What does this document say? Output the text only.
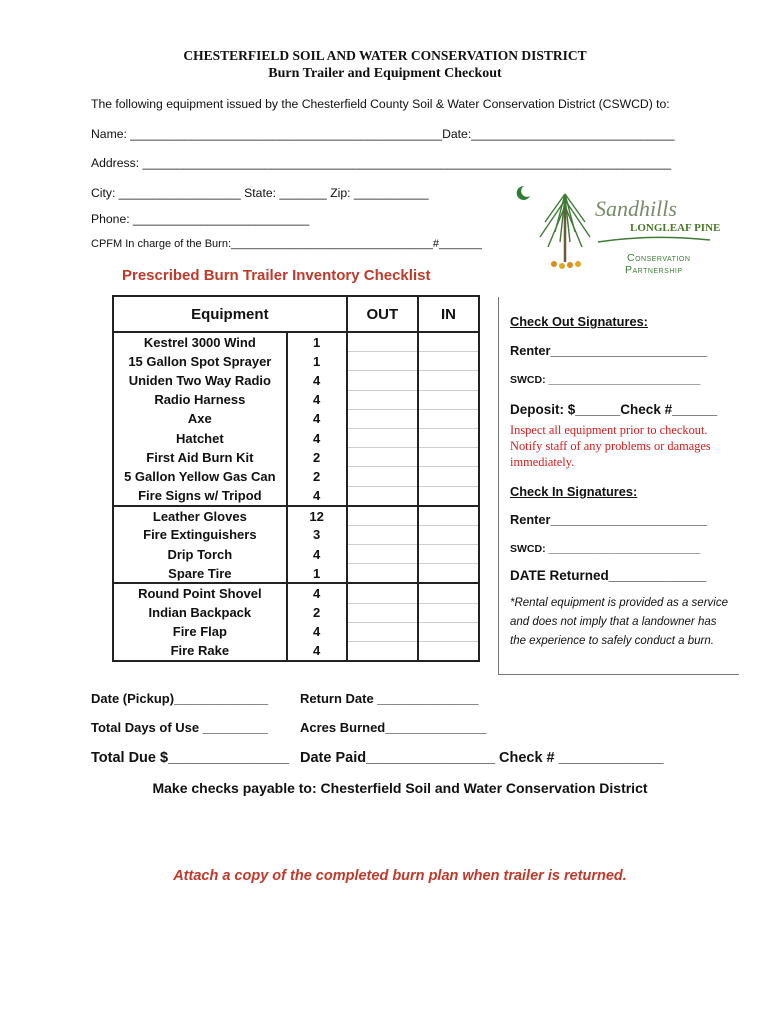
CHESTERFIELD SOIL AND WATER CONSERVATION DISTRICT
Burn Trailer and Equipment Checkout
The following equipment issued by the Chesterfield County Soil & Water Conservation District (CSWCD) to:
Name: ______________________________________________Date:______________________________
Address: ______________________________________________________________________________
City: __________________ State: _______ Zip: ___________
Phone: __________________________
CPFM In charge of the Burn:_________________________________#_______
Sandhills
LONGLEAF PINE
Conservation
Partnership
Prescribed Burn Trailer Inventory Checklist
Equipment		OUT	IN
Kestrel 3000 Wind	1		
15 Gallon Spot Sprayer	1		
Uniden Two Way Radio	4		
Radio Harness	4		
Axe	4		
Hatchet	4		
First Aid Burn Kit	2		
5 Gallon Yellow Gas Can	2		
Fire Signs w/ Tripod	4		
Leather Gloves	12		
Fire Extinguishers	3		
Drip Torch	4		
Spare Tire	1		
Round Point Shovel	4		
Indian Backpack	2		
Fire Flap	4		
Fire Rake	4		
Check Out Signatures:
Renter______________________
SWCD: __________________________
Deposit: $______Check #______
Inspect all equipment prior to checkout. Notify staff of any problems or damages immediately.
Check In Signatures:
Renter______________________
SWCD: __________________________
DATE Returned_____________
*Rental equipment is provided as a service and does not imply that a landowner has the experience to safely conduct a burn.
Date (Pickup)_____________ Return Date ______________
Total Days of Use _________ Acres Burned______________
Total Due $_______________ Date Paid________________ Check # _____________
Make checks payable to: Chesterfield Soil and Water Conservation District
Attach a copy of the completed burn plan when trailer is returned.
